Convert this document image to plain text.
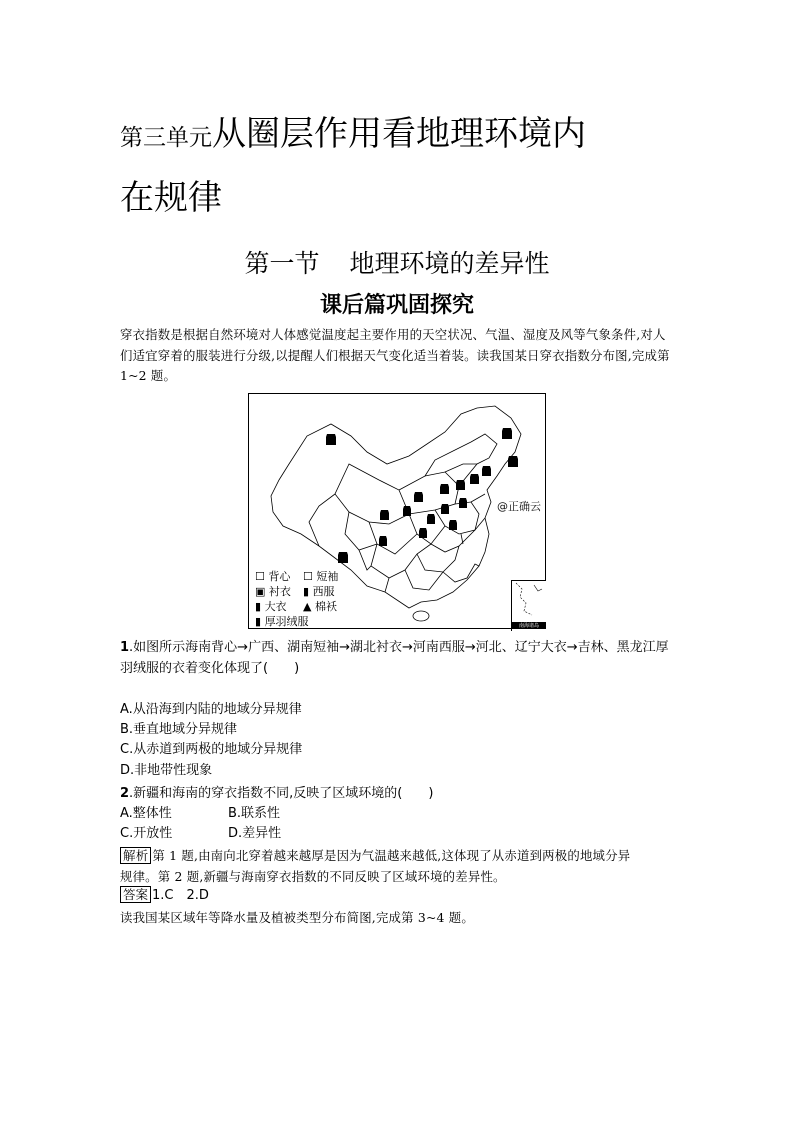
第三单元从圈层作用看地理环境内
在规律
第一节 地理环境的差异性
课后篇巩固探究
穿衣指数是根据自然环境对人体感觉温度起主要作用的天空状况、气温、湿度及风等气象条件,对人们适宜穿着的服装进行分级,以提醒人们根据天气变化适当着装。读我国某日穿衣指数分布图,完成第 1~2 题。
@正确云
☐ 背心 ☐ 短袖
▣ 衬衣 ▮ 西服
▮ 大衣 ▲ 棉袄
▮ 厚羽绒服	南海诸岛
1.如图所示海南背心→广西、湖南短袖→湖北衬衣→河南西服→河北、辽宁大衣→吉林、黑龙江厚羽绒服的衣着变化体现了(　　)
A.从沿海到内陆的地域分异规律
B.垂直地域分异规律
C.从赤道到两极的地域分异规律
D.非地带性现象
2.新疆和海南的穿衣指数不同,反映了区域环境的(　　)
A.整体性	B.联系性
C.开放性	D.差异性
解析 第 1 题,由南向北穿着越来越厚是因为气温越来越低,这体现了从赤道到两极的地域分异
规律。第 2 题,新疆与海南穿衣指数的不同反映了区域环境的差异性。
答案 1.C　2.D
读我国某区域年等降水量及植被类型分布简图,完成第 3~4 题。
